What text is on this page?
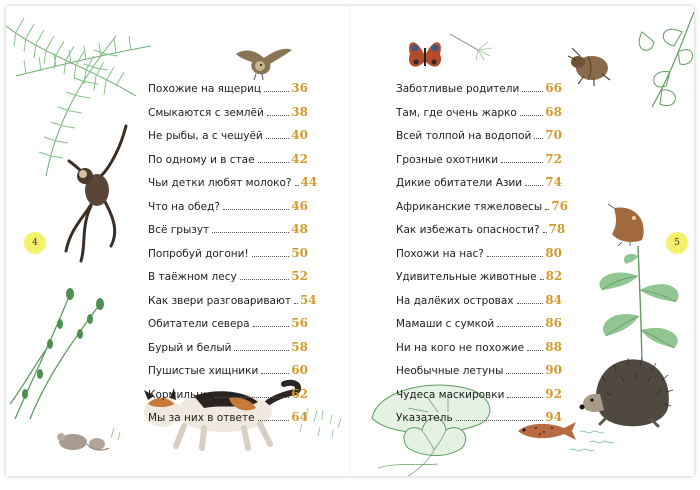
4
Похожие на ящериц	36
Смыкаются с землёй 38
Не рыбы, а с чешуёй 40
По одному и в стае	42
Чьи детки любят молоко? 44
Что на обед?	46
Всё грызут	48
Попробуй догони!	50
В таёжном лесу	52
Как звери разговаривают 54
Обитатели севера	56
Бурый и белый	58
Пушистые хищники	60
Кормильцы	62
Мы за них в ответе	64
5
Заботливые родители 66
Там, где очень жарко 68
Всей толпой на водопой 70
Грозные охотники	72
Дикие обитатели Азии 74
Африканские тяжеловесы 76
Как избежать опасности? 78
Похожи на нас?	80
Удивительные животные 82
На далёких островах	84
Мамаши с сумкой	86
Ни на кого не похожие 88
Необычные летуны	90
Чудеса маскировки	92
Указатель	94
